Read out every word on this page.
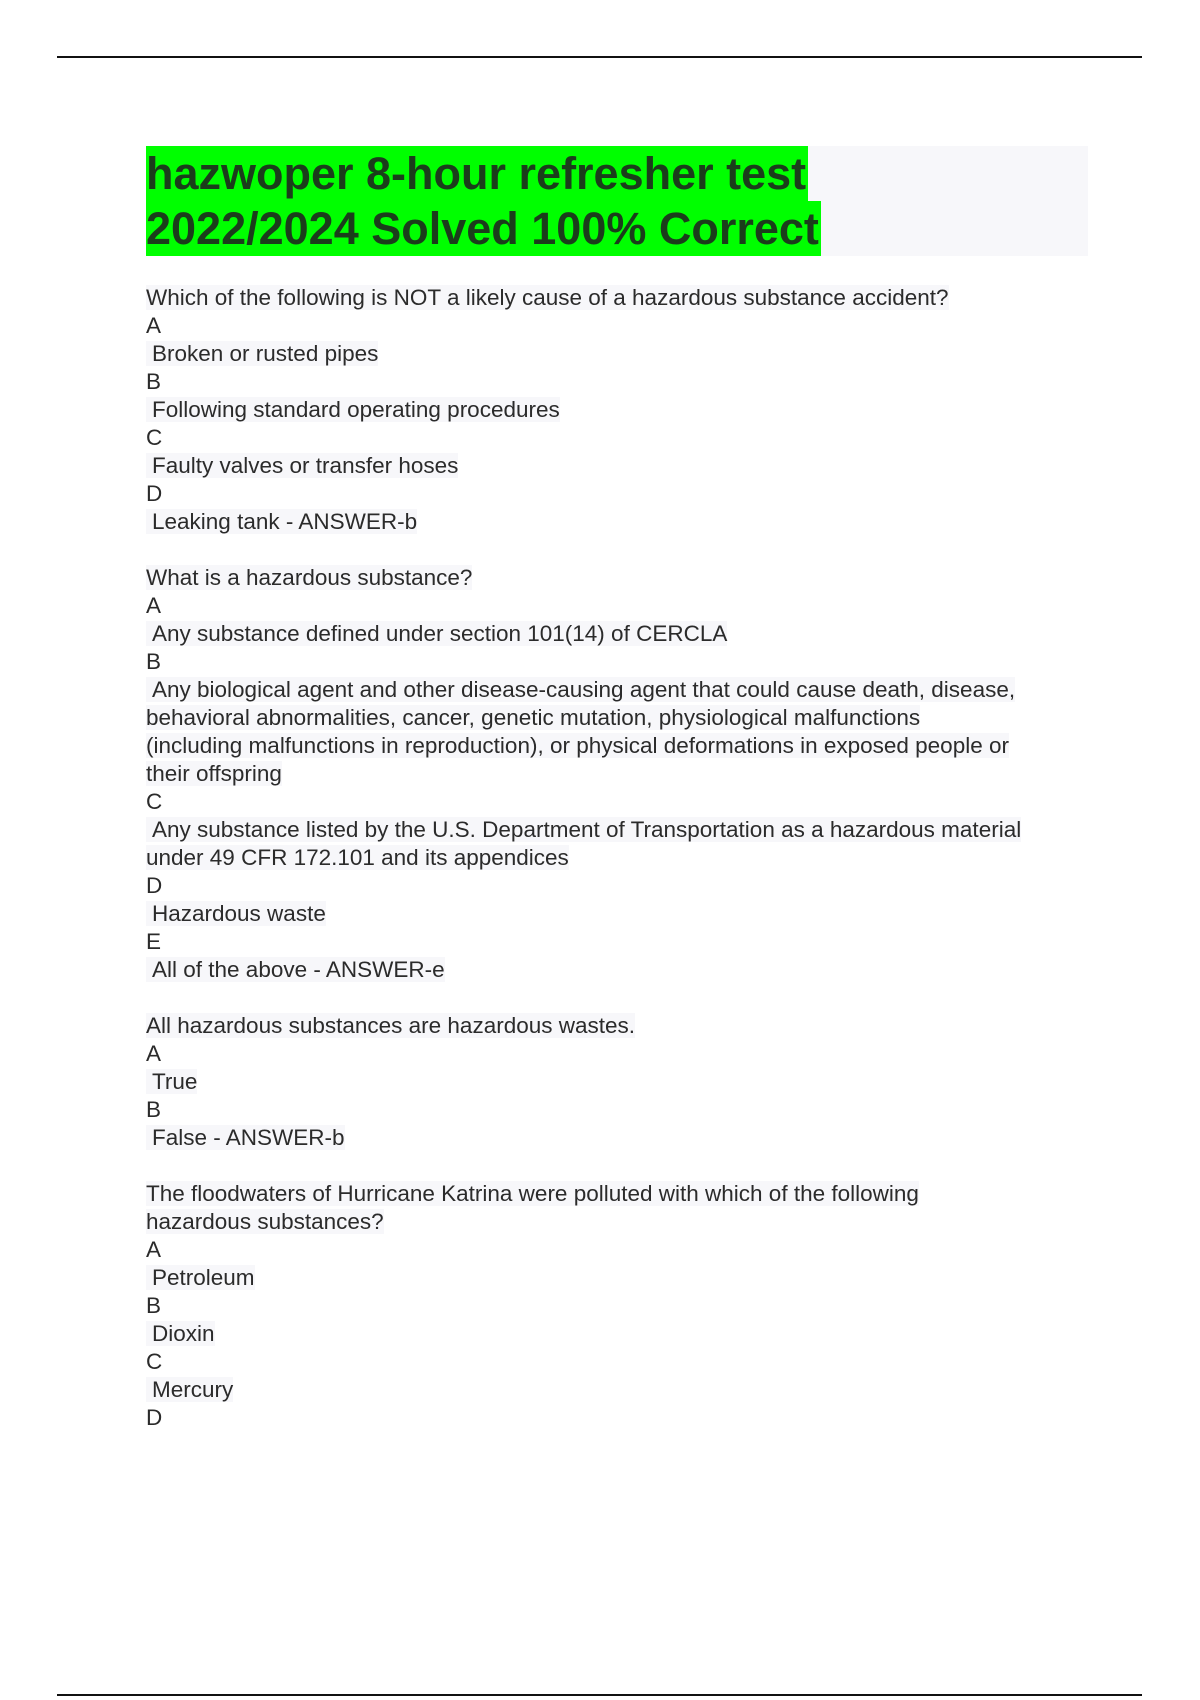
hazwoper 8-hour refresher test
2022/2024 Solved 100% Correct
Which of the following is NOT a likely cause of a hazardous substance accident?
A
Broken or rusted pipes
B
Following standard operating procedures
C
Faulty valves or transfer hoses
D
Leaking tank - ANSWER-b
What is a hazardous substance?
A
Any substance defined under section 101(14) of CERCLA
B
Any biological agent and other disease-causing agent that could cause death, disease,
behavioral abnormalities, cancer, genetic mutation, physiological malfunctions
(including malfunctions in reproduction), or physical deformations in exposed people or
their offspring
C
Any substance listed by the U.S. Department of Transportation as a hazardous material
under 49 CFR 172.101 and its appendices
D
Hazardous waste
E
All of the above - ANSWER-e
All hazardous substances are hazardous wastes.
A
True
B
False - ANSWER-b
The floodwaters of Hurricane Katrina were polluted with which of the following
hazardous substances?
A
Petroleum
B
Dioxin
C
Mercury
D
